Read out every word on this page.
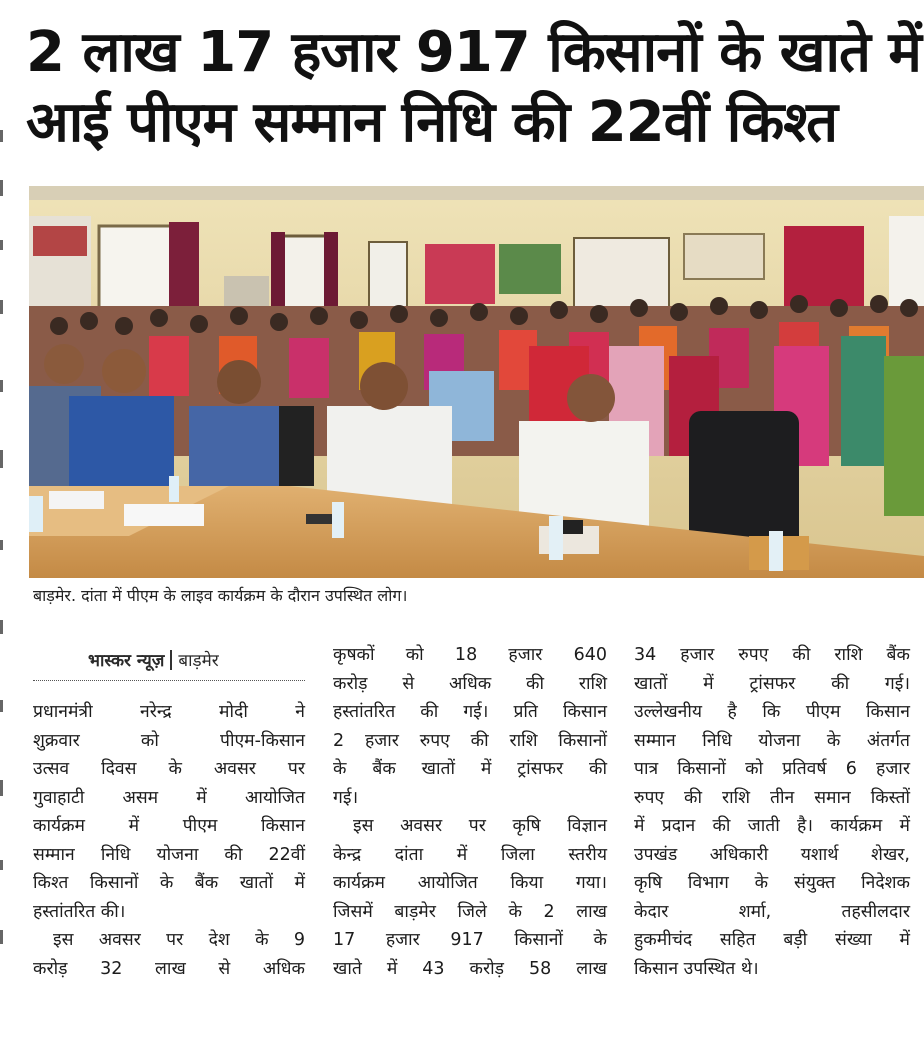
2 लाख 17 हजार 917 किसानों के खाते में
आई पीएम सम्मान निधि की 22वीं किश्त
बाड़मेर. दांता में पीएम के लाइव कार्यक्रम के दौरान उपस्थित लोग।
भास्कर न्यूज़ बाड़मेर

प्रधानमंत्री नरेन्द्र मोदी ने

शुक्रवार को पीएम-किसान

उत्सव दिवस के अवसर पर

गुवाहाटी असम में आयोजित

कार्यक्रम में पीएम किसान

सम्मान निधि योजना की 22वीं

किश्त किसानों के बैंक खातों में

हस्तांतरित की।

इस अवसर पर देश के 9

करोड़ 32 लाख से अधिक

कृषकों को 18 हजार 640

करोड़ से अधिक की राशि

हस्तांतरित की गई। प्रति किसान

2 हजार रुपए की राशि किसानों

के बैंक खातों में ट्रांसफर की

गई।

इस अवसर पर कृषि विज्ञान

केन्द्र दांता में जिला स्तरीय

कार्यक्रम आयोजित किया गया।

जिसमें बाड़मेर जिले के 2 लाख

17 हजार 917 किसानों के

खाते में 43 करोड़ 58 लाख

34 हजार रुपए की राशि बैंक

खातों में ट्रांसफर की गई।

उल्लेखनीय है कि पीएम किसान

सम्मान निधि योजना के अंतर्गत

पात्र किसानों को प्रतिवर्ष 6 हजार

रुपए की राशि तीन समान किस्तों

में प्रदान की जाती है। कार्यक्रम में

उपखंड अधिकारी यशार्थ शेखर,

कृषि विभाग के संयुक्त निदेशक

केदार शर्मा, तहसीलदार

हुकमीचंद सहित बड़ी संख्या में

किसान उपस्थित थे।
